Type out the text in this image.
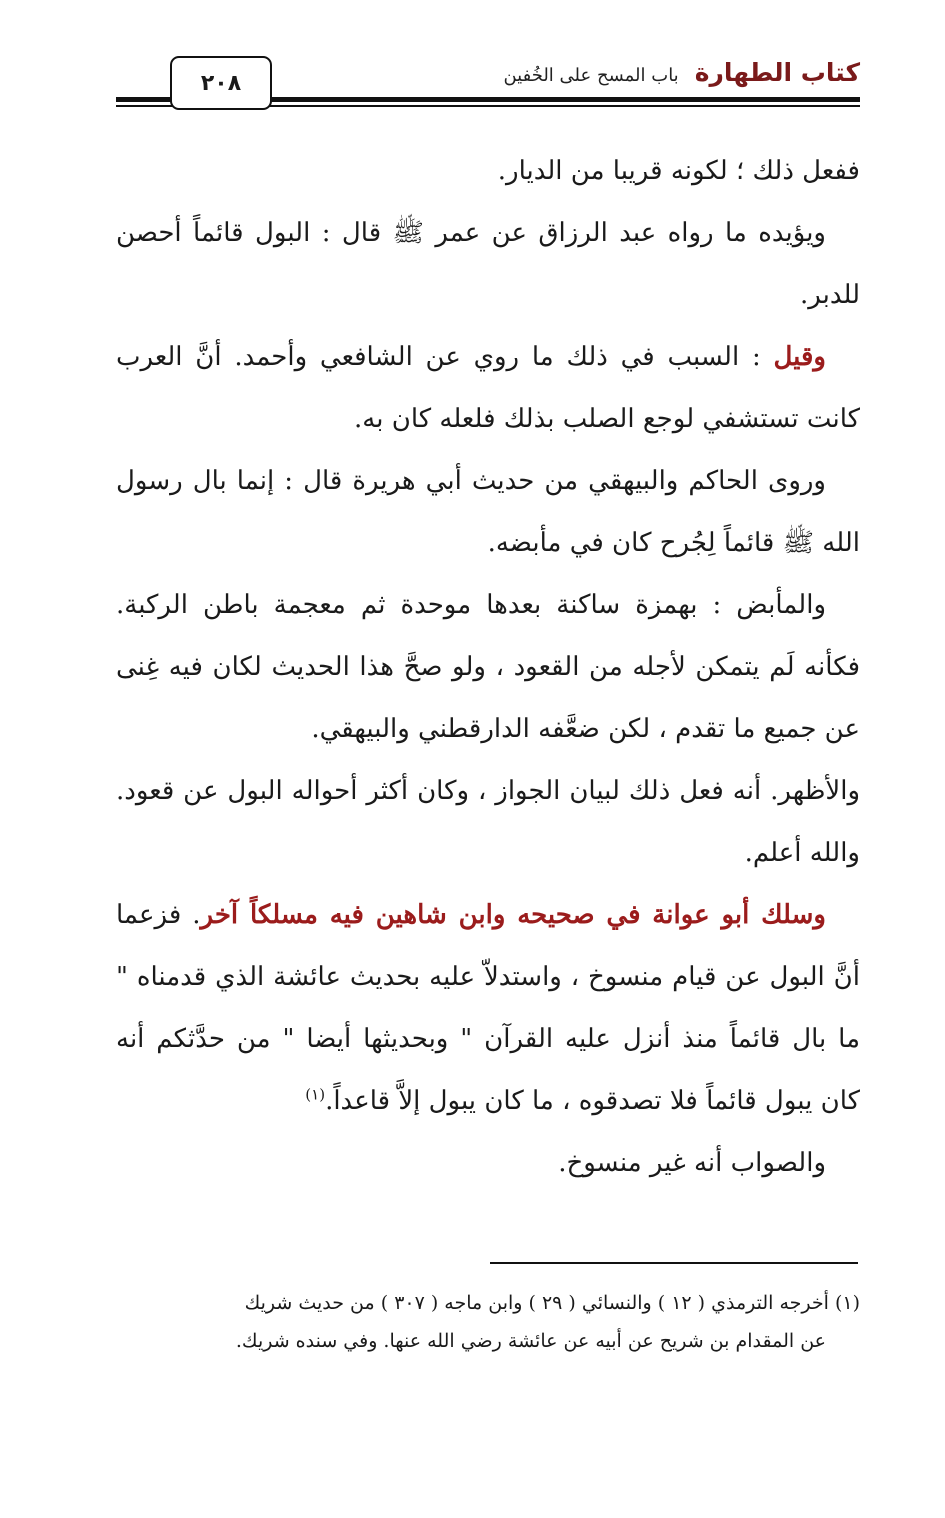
٢٠٨	كتاب الطهارة
باب المسح على الخُفين

ففعل ذلك ؛ لكونه قريبا من الديار.

ويؤيده ما رواه عبد الرزاق عن عمر ﷺ قال : البول قائماً أحصن للدبر.

وقيل : السبب في ذلك ما روي عن الشافعي وأحمد. أنَّ العرب كانت تستشفي لوجع الصلب بذلك فلعله كان به.

وروى الحاكم والبيهقي من حديث أبي هريرة قال : إنما بال رسول الله ﷺ قائماً لِجُرح كان في مأبضه.

والمأبض : بهمزة ساكنة بعدها موحدة ثم معجمة باطن الركبة. فكأنه لَم يتمكن لأجله من القعود ، ولو صحَّ هذا الحديث لكان فيه غِنى عن جميع ما تقدم ، لكن ضعَّفه الدارقطني والبيهقي.

والأظهر. أنه فعل ذلك لبيان الجواز ، وكان أكثر أحواله البول عن قعود. والله أعلم.

وسلك أبو عوانة في صحيحه وابن شاهين فيه مسلكاً آخر. فزعما أنَّ البول عن قيام منسوخ ، واستدلاّ عليه بحديث عائشة الذي قدمناه " ما بال قائماً منذ أنزل عليه القرآن " وبحديثها أيضا " من حدَّثكم أنه كان يبول قائماً فلا تصدقوه ، ما كان يبول إلاَّ قاعداً.$^{(١)}$

والصواب أنه غير منسوخ.

(١) أخرجه الترمذي ( ١٢ ) والنسائي ( ٢٩ ) وابن ماجه ( ٣٠٧ ) من حديث شريك

عن المقدام بن شريح عن أبيه عن عائشة رضي الله عنها. وفي سنده شريك.
